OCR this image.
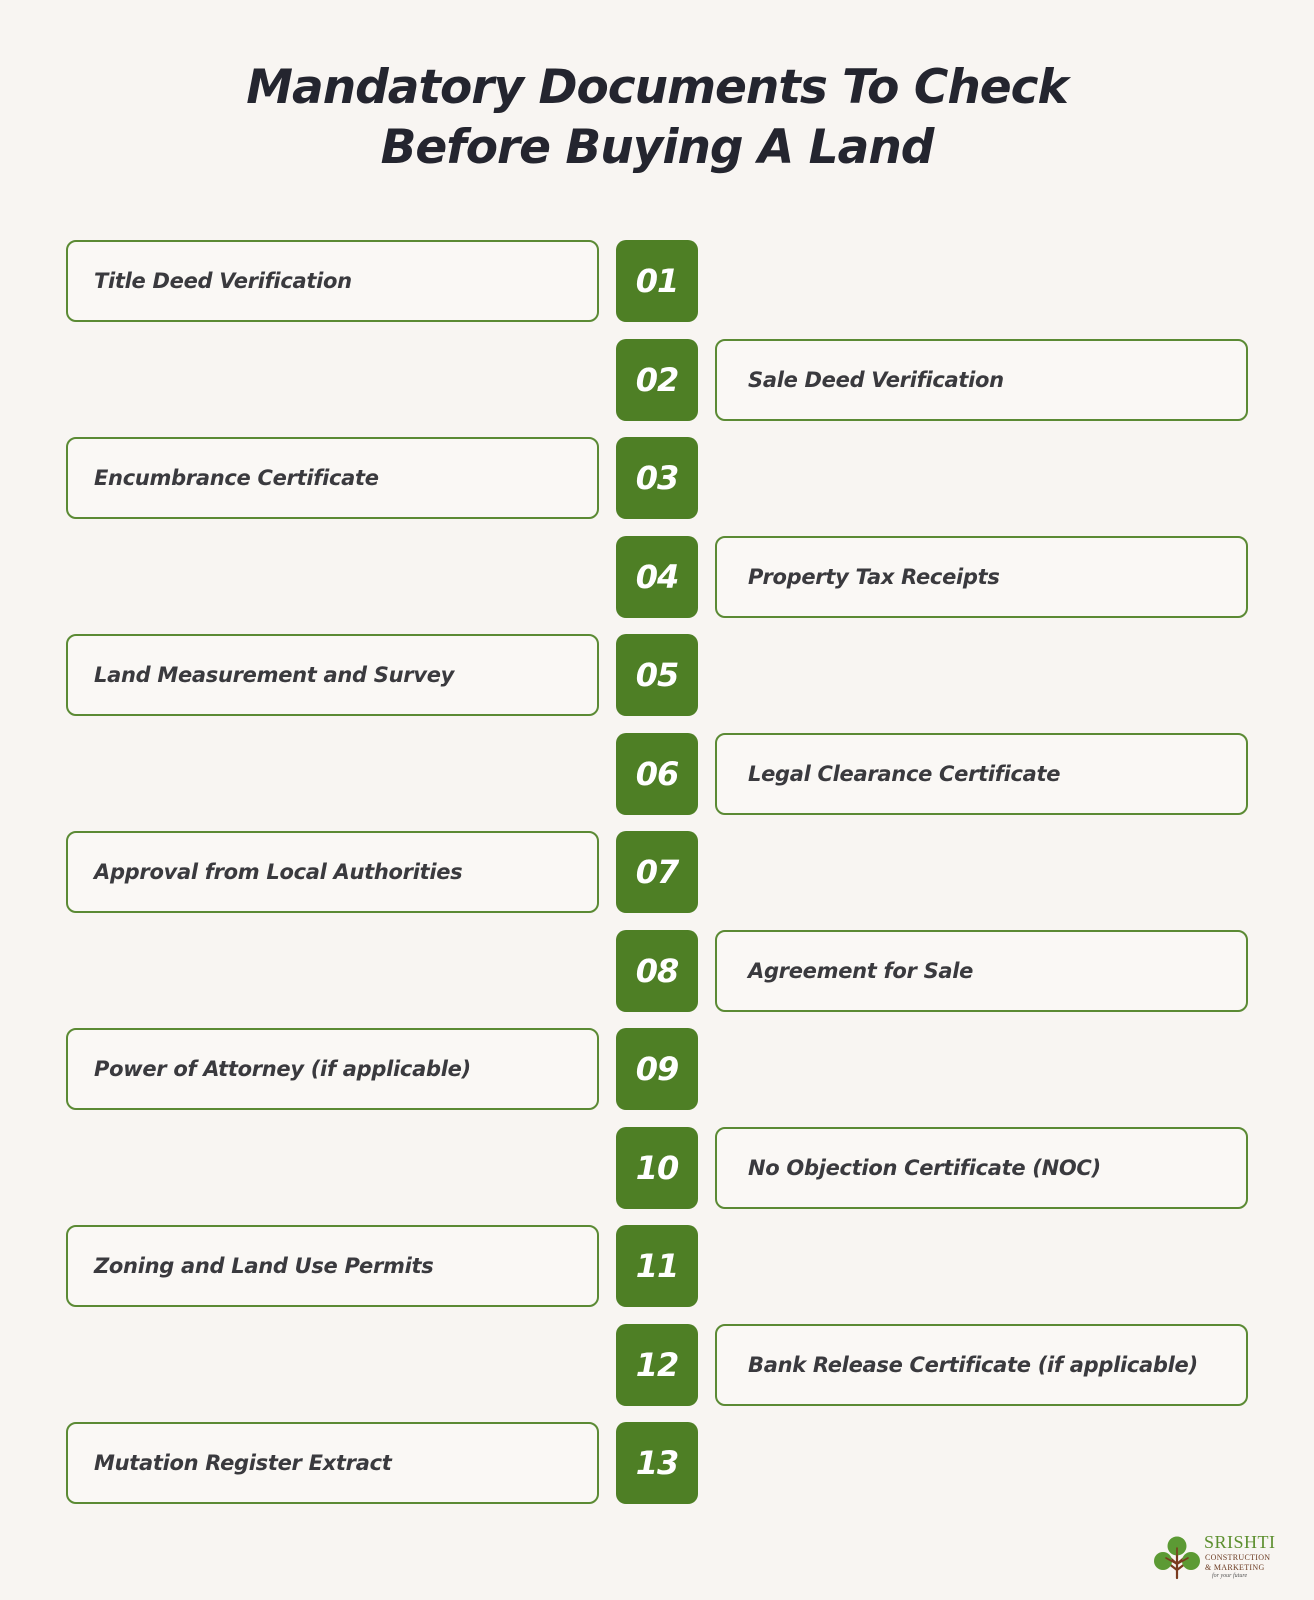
Mandatory Documents To Check
Before Buying A Land
Title Deed Verification	01
02	Sale Deed Verification
Encumbrance Certificate	03
04	Property Tax Receipts
Land Measurement and Survey	05
06	Legal Clearance Certificate
Approval from Local Authorities	07
08	Agreement for Sale
Power of Attorney (if applicable)	09
10	No Objection Certificate (NOC)
Zoning and Land Use Permits	11
12	Bank Release Certificate (if applicable)
Mutation Register Extract	13
SRISHTI
CONSTRUCTION
& MARKETING
for your future
